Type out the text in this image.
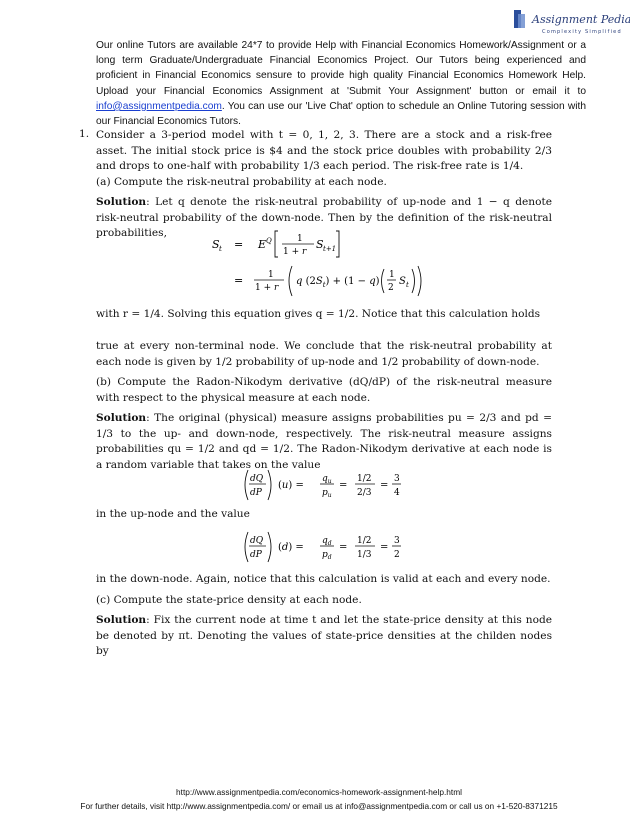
Assignment Pedia
Complexity Simplified
Our online Tutors are available 24*7 to provide Help with Financial Economics Homework/Assignment or a long term Graduate/Undergraduate Financial Economics Project. Our Tutors being experienced and proficient in Financial Economics sensure to provide high quality Financial Economics Homework Help. Upload your Financial Economics Assignment at 'Submit Your Assignment' button or email it to info@assignmentpedia.com. You can use our 'Live Chat' option to schedule an Online Tutoring session with our Financial Economics Tutors.
1. Consider a 3-period model with t = 0, 1, 2, 3. There are a stock and a risk-free asset. The initial stock price is $4 and the stock price doubles with probability 2/3 and drops to one-half with probability 1/3 each period. The risk-free rate is 1/4.
(a) Compute the risk-neutral probability at each node.
Solution: Let q denote the risk-neutral probability of up-node and 1 − q denote risk-neutral probability of the down-node. Then by the definition of the risk-neutral probabilities,
S t = E Q	1
1 + r
S t+1
=	1
1 + r
q $(2S_t) + (1 - q)$
1
2
S t
with r = 1/4. Solving this equation gives q = 1/2. Notice that this calculation holds
true at every non-terminal node. We conclude that the risk-neutral probability at each node is given by 1/2 probability of up-node and 1/2 probability of down-node.
(b) Compute the Radon-Nikodym derivative (dQ/dP) of the risk-neutral measure with respect to the physical measure at each node.
Solution: The original (physical) measure assigns probabilities pu = 2/3 and pd = 1/3 to the up- and down-node, respectively. The risk-neutral measure assigns probabilities qu = 1/2 and qd = 1/2. The Radon-Nikodym derivative at each node is a random variable that takes on the value
dQ
dP
(u) =
$q_u$
$p_u$
=
1/2
2/3
=
3
4
in the up-node and the value
dQ
dP
(d) =
$q_d$
$p_d$
=
1/2
1/3
=
3
2
in the down-node. Again, notice that this calculation is valid at each and every node.
(c) Compute the state-price density at each node.
Solution: Fix the current node at time t and let the state-price density at this node be denoted by πt. Denoting the values of state-price densities at the childen nodes by
http://www.assignmentpedia.com/economics-homework-assignment-help.html
For further details, visit http://www.assignmentpedia.com/ or email us at info@assignmentpedia.com or call us on +1-520-8371215
